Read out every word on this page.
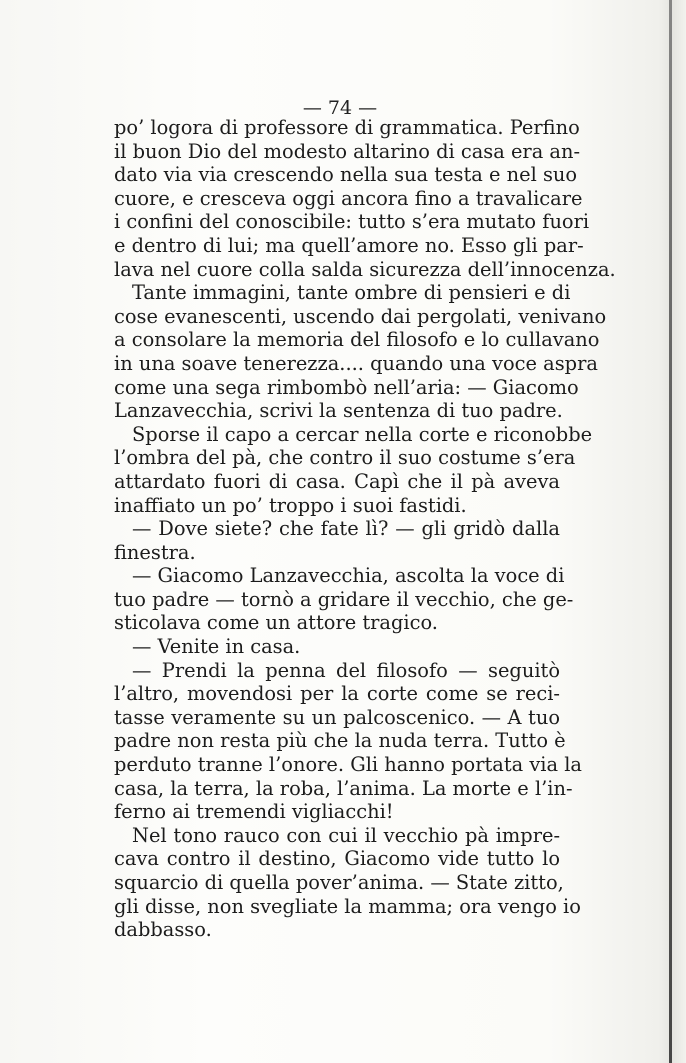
— 74 —
po’ logora di professore di grammatica. Perfino
il buon Dio del modesto altarino di casa era an-
dato via via crescendo nella sua testa e nel suo
cuore, e cresceva oggi ancora fino a travalicare
i confini del conoscibile: tutto s’era mutato fuori
e dentro di lui; ma quell’amore no. Esso gli par-
lava nel cuore colla salda sicurezza dell’innocenza.
Tante immagini, tante ombre di pensieri e di
cose evanescenti, uscendo dai pergolati, venivano
a consolare la memoria del filosofo e lo cullavano
in una soave tenerezza.... quando una voce aspra
come una sega rimbombò nell’aria: — Giacomo
Lanzavecchia, scrivi la sentenza di tuo padre.
Sporse il capo a cercar nella corte e riconobbe
l’ombra del pà, che contro il suo costume s’era
attardato fuori di casa. Capì che il pà aveva
inaffiato un po’ troppo i suoi fastidi.
— Dove siete? che fate lì? — gli gridò dalla
finestra.
— Giacomo Lanzavecchia, ascolta la voce di
tuo padre — tornò a gridare il vecchio, che ge-
sticolava come un attore tragico.
— Venite in casa.
— Prendi la penna del filosofo — seguitò
l’altro, movendosi per la corte come se reci-
tasse veramente su un palcoscenico. — A tuo
padre non resta più che la nuda terra. Tutto è
perduto tranne l’onore. Gli hanno portata via la
casa, la terra, la roba, l’anima. La morte e l’in-
ferno ai tremendi vigliacchi!
Nel tono rauco con cui il vecchio pà impre-
cava contro il destino, Giacomo vide tutto lo
squarcio di quella pover’anima. — State zitto,
gli disse, non svegliate la mamma; ora vengo io
dabbasso.
